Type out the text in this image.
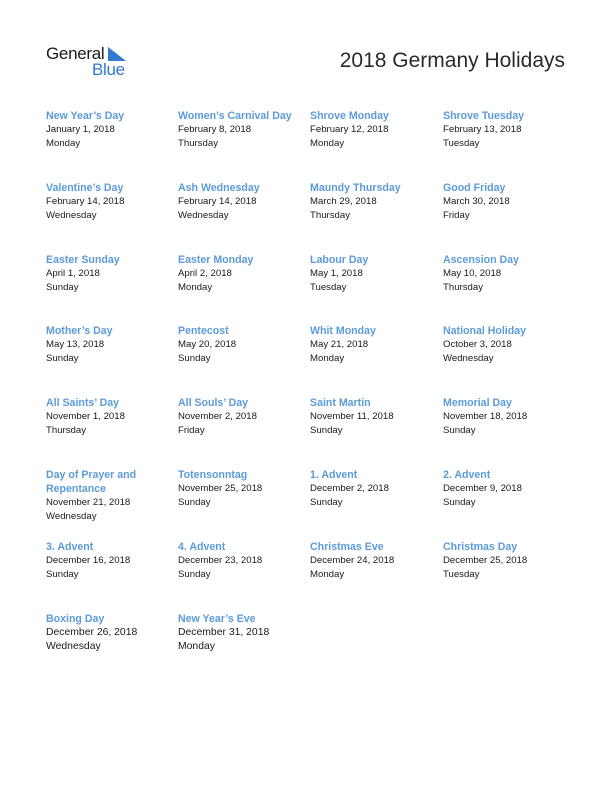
General
Blue	2018 Germany Holidays
New Year’s Day
January 1, 2018
Monday
Women’s Carnival Day
February 8, 2018
Thursday
Shrove Monday
February 12, 2018
Monday
Shrove Tuesday
February 13, 2018
Tuesday
Valentine’s Day
February 14, 2018
Wednesday
Ash Wednesday
February 14, 2018
Wednesday
Maundy Thursday
March 29, 2018
Thursday
Good Friday
March 30, 2018
Friday
Easter Sunday
April 1, 2018
Sunday
Easter Monday
April 2, 2018
Monday
Labour Day
May 1, 2018
Tuesday
Ascension Day
May 10, 2018
Thursday
Mother’s Day
May 13, 2018
Sunday
Pentecost
May 20, 2018
Sunday
Whit Monday
May 21, 2018
Monday
National Holiday
October 3, 2018
Wednesday
All Saints’ Day
November 1, 2018
Thursday
All Souls’ Day
November 2, 2018
Friday
Saint Martin
November 11, 2018
Sunday
Memorial Day
November 18, 2018
Sunday
Day of Prayer and Repentance
November 21, 2018
Wednesday
Totensonntag
November 25, 2018
Sunday
1. Advent
December 2, 2018
Sunday
2. Advent
December 9, 2018
Sunday
3. Advent
December 16, 2018
Sunday
4. Advent
December 23, 2018
Sunday
Christmas Eve
December 24, 2018
Monday
Christmas Day
December 25, 2018
Tuesday
Boxing Day
December 26, 2018
Wednesday
New Year’s Eve
December 31, 2018
Monday
